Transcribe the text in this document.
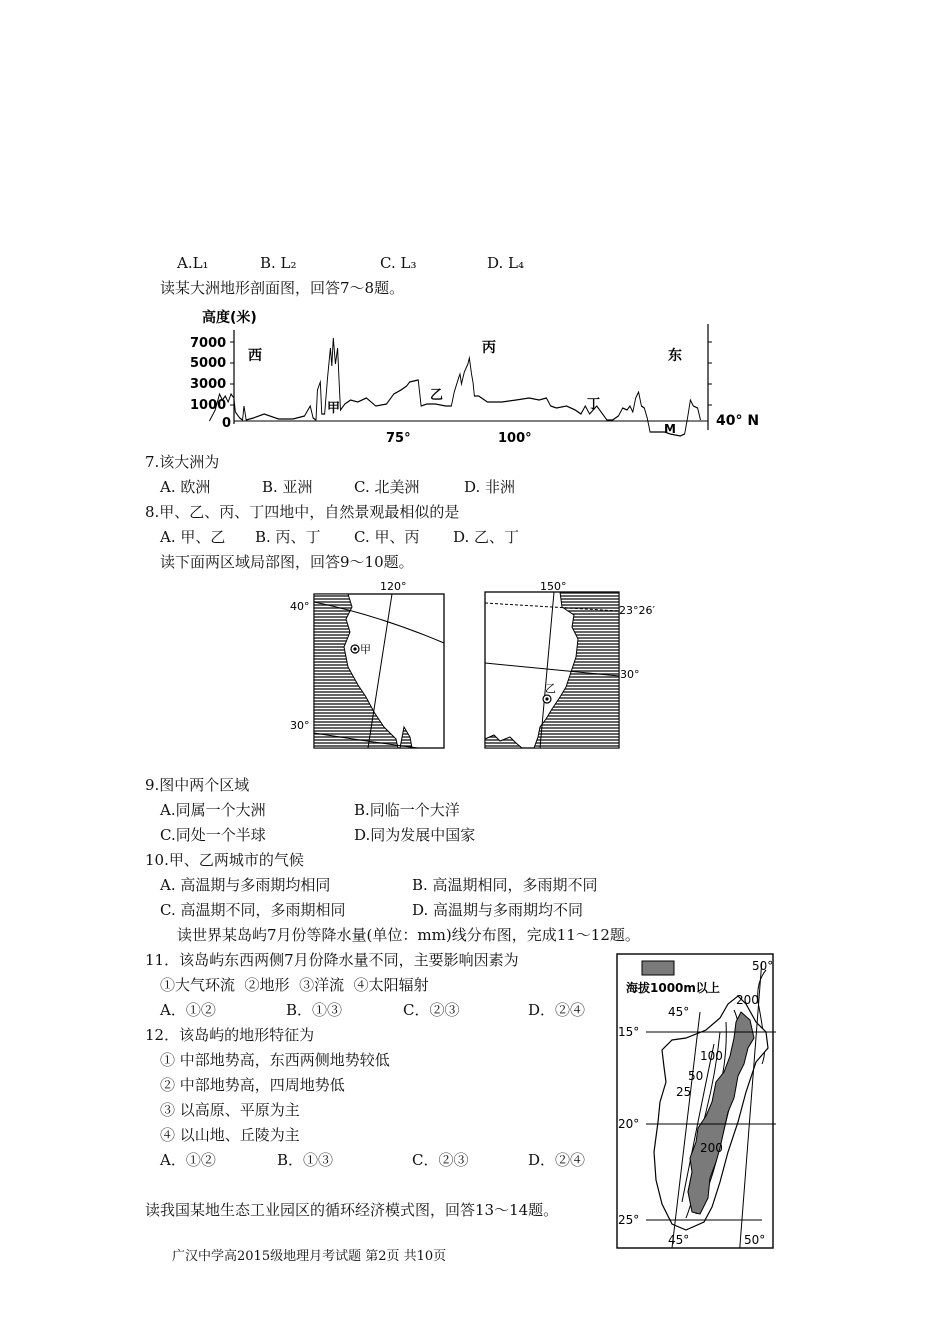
A.L₁	B. L₂	C. L₃	D. L₄
读某大洲地形剖面图，回答7～8题。
高度(米)
7000
5000
3000
1000
0
西
甲
乙
丙
丁
东
M
75°	100°
40° N
7.该大洲为
A. 欧洲	B. 亚洲	C. 北美洲	D. 非洲
8.甲、乙、丙、丁四地中，自然景观最相似的是
A. 甲、乙 B. 丙、丁 C. 甲、丙 D. 乙、丁
读下面两区域局部图，回答9～10题。
甲
120°
40°
30°
乙
150°
23°26′
30°
9.图中两个区域
A.同属一个大洲	B.同临一个大洋
C.同处一个半球	D.同为发展中国家
10.甲、乙两城市的气候
A. 高温期与多雨期均相同	B. 高温期相同，多雨期不同
C. 高温期不同，多雨期相同	D. 高温期与多雨期均不同
读世界某岛屿7月份等降水量(单位：mm)线分布图，完成11～12题。
11．该岛屿东西两侧7月份降水量不同，主要影响因素为
①大气环流  ②地形  ③洋流  ④太阳辐射
A．①②	B．①③	C．②③	D．②④
12．该岛屿的地形特征为
① 中部地势高，东西两侧地势较低
② 中部地势高，四周地势低
③ 以高原、平原为主
④ 以山地、丘陵为主
A．①②	B．①③	C．②③	D．②④
读我国某地生态工业园区的循环经济模式图，回答13～14题。
海拔1000m以上
50°
45°
15°
20°
25°
45°	50°
200
100
50
25
200
广汉中学高2015级地理月考试题 第2页 共10页
